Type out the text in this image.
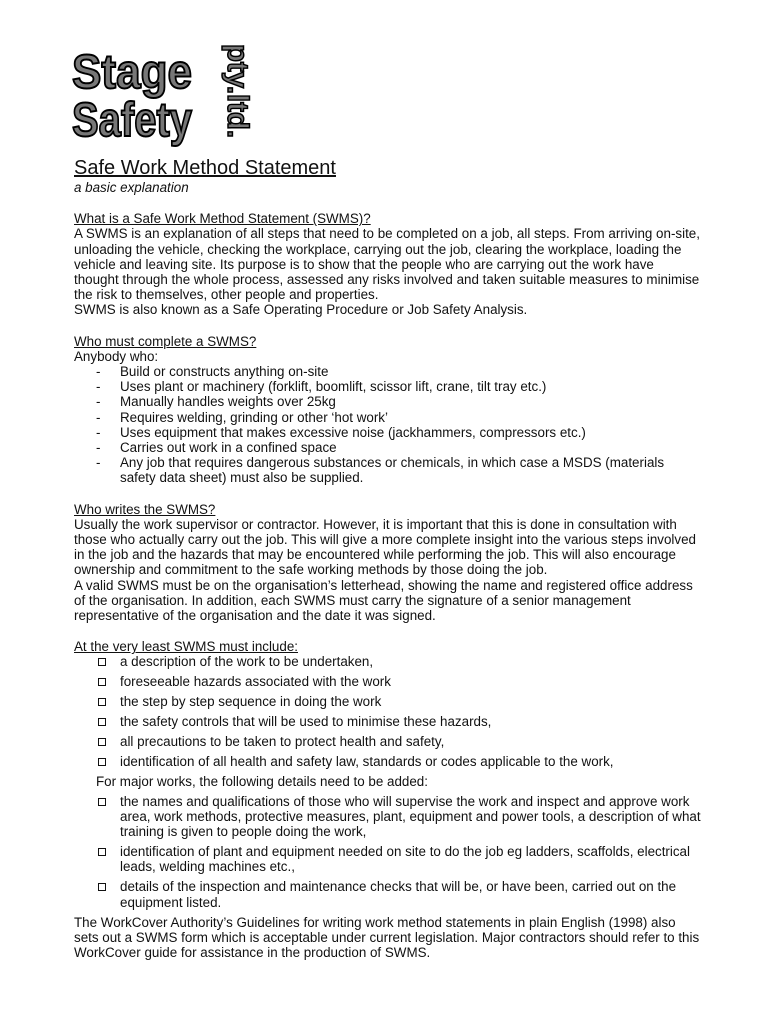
Stage
Safety pty.ltd.
Safe Work Method Statement

a basic explanation

What is a Safe Work Method Statement (SWMS)?

A SWMS is an explanation of all steps that need to be completed on a job, all steps. From arriving on-site, unloading the vehicle, checking the workplace, carrying out the job, clearing the workplace, loading the vehicle and leaving site. Its purpose is to show that the people who are carrying out the work have thought through the whole process, assessed any risks involved and taken suitable measures to minimise the risk to themselves, other people and properties.

SWMS is also known as a Safe Operating Procedure or Job Safety Analysis.

Who must complete a SWMS?

Anybody who:

- Build or constructs anything on-site
- Uses plant or machinery (forklift, boomlift, scissor lift, crane, tilt tray etc.)
- Manually handles weights over 25kg
- Requires welding, grinding or other ‘hot work’
- Uses equipment that makes excessive noise (jackhammers, compressors etc.)
- Carries out work in a confined space
- Any job that requires dangerous substances or chemicals, in which case a MSDS (materials safety data sheet) must also be supplied.

Who writes the SWMS?

Usually the work supervisor or contractor. However, it is important that this is done in consultation with those who actually carry out the job. This will give a more complete insight into the various steps involved in the job and the hazards that may be encountered while performing the job. This will also encourage ownership and commitment to the safe working methods by those doing the job.

A valid SWMS must be on the organisation’s letterhead, showing the name and registered office address of the organisation. In addition, each SWMS must carry the signature of a senior management representative of the organisation and the date it was signed.

At the very least SWMS must include:

a description of the work to be undertaken,
foreseeable hazards associated with the work
the step by step sequence in doing the work
the safety controls that will be used to minimise these hazards,
all precautions to be taken to protect health and safety,
identification of all health and safety law, standards or codes applicable to the work,

For major works, the following details need to be added:

the names and qualifications of those who will supervise the work and inspect and approve work area, work methods, protective measures, plant, equipment and power tools, a description of what training is given to people doing the work,
identification of plant and equipment needed on site to do the job eg ladders, scaffolds, electrical leads, welding machines etc.,
details of the inspection and maintenance checks that will be, or have been, carried out on the equipment listed.

The WorkCover Authority’s Guidelines for writing work method statements in plain English (1998) also sets out a SWMS form which is acceptable under current legislation. Major contractors should refer to this WorkCover guide for assistance in the production of SWMS.
